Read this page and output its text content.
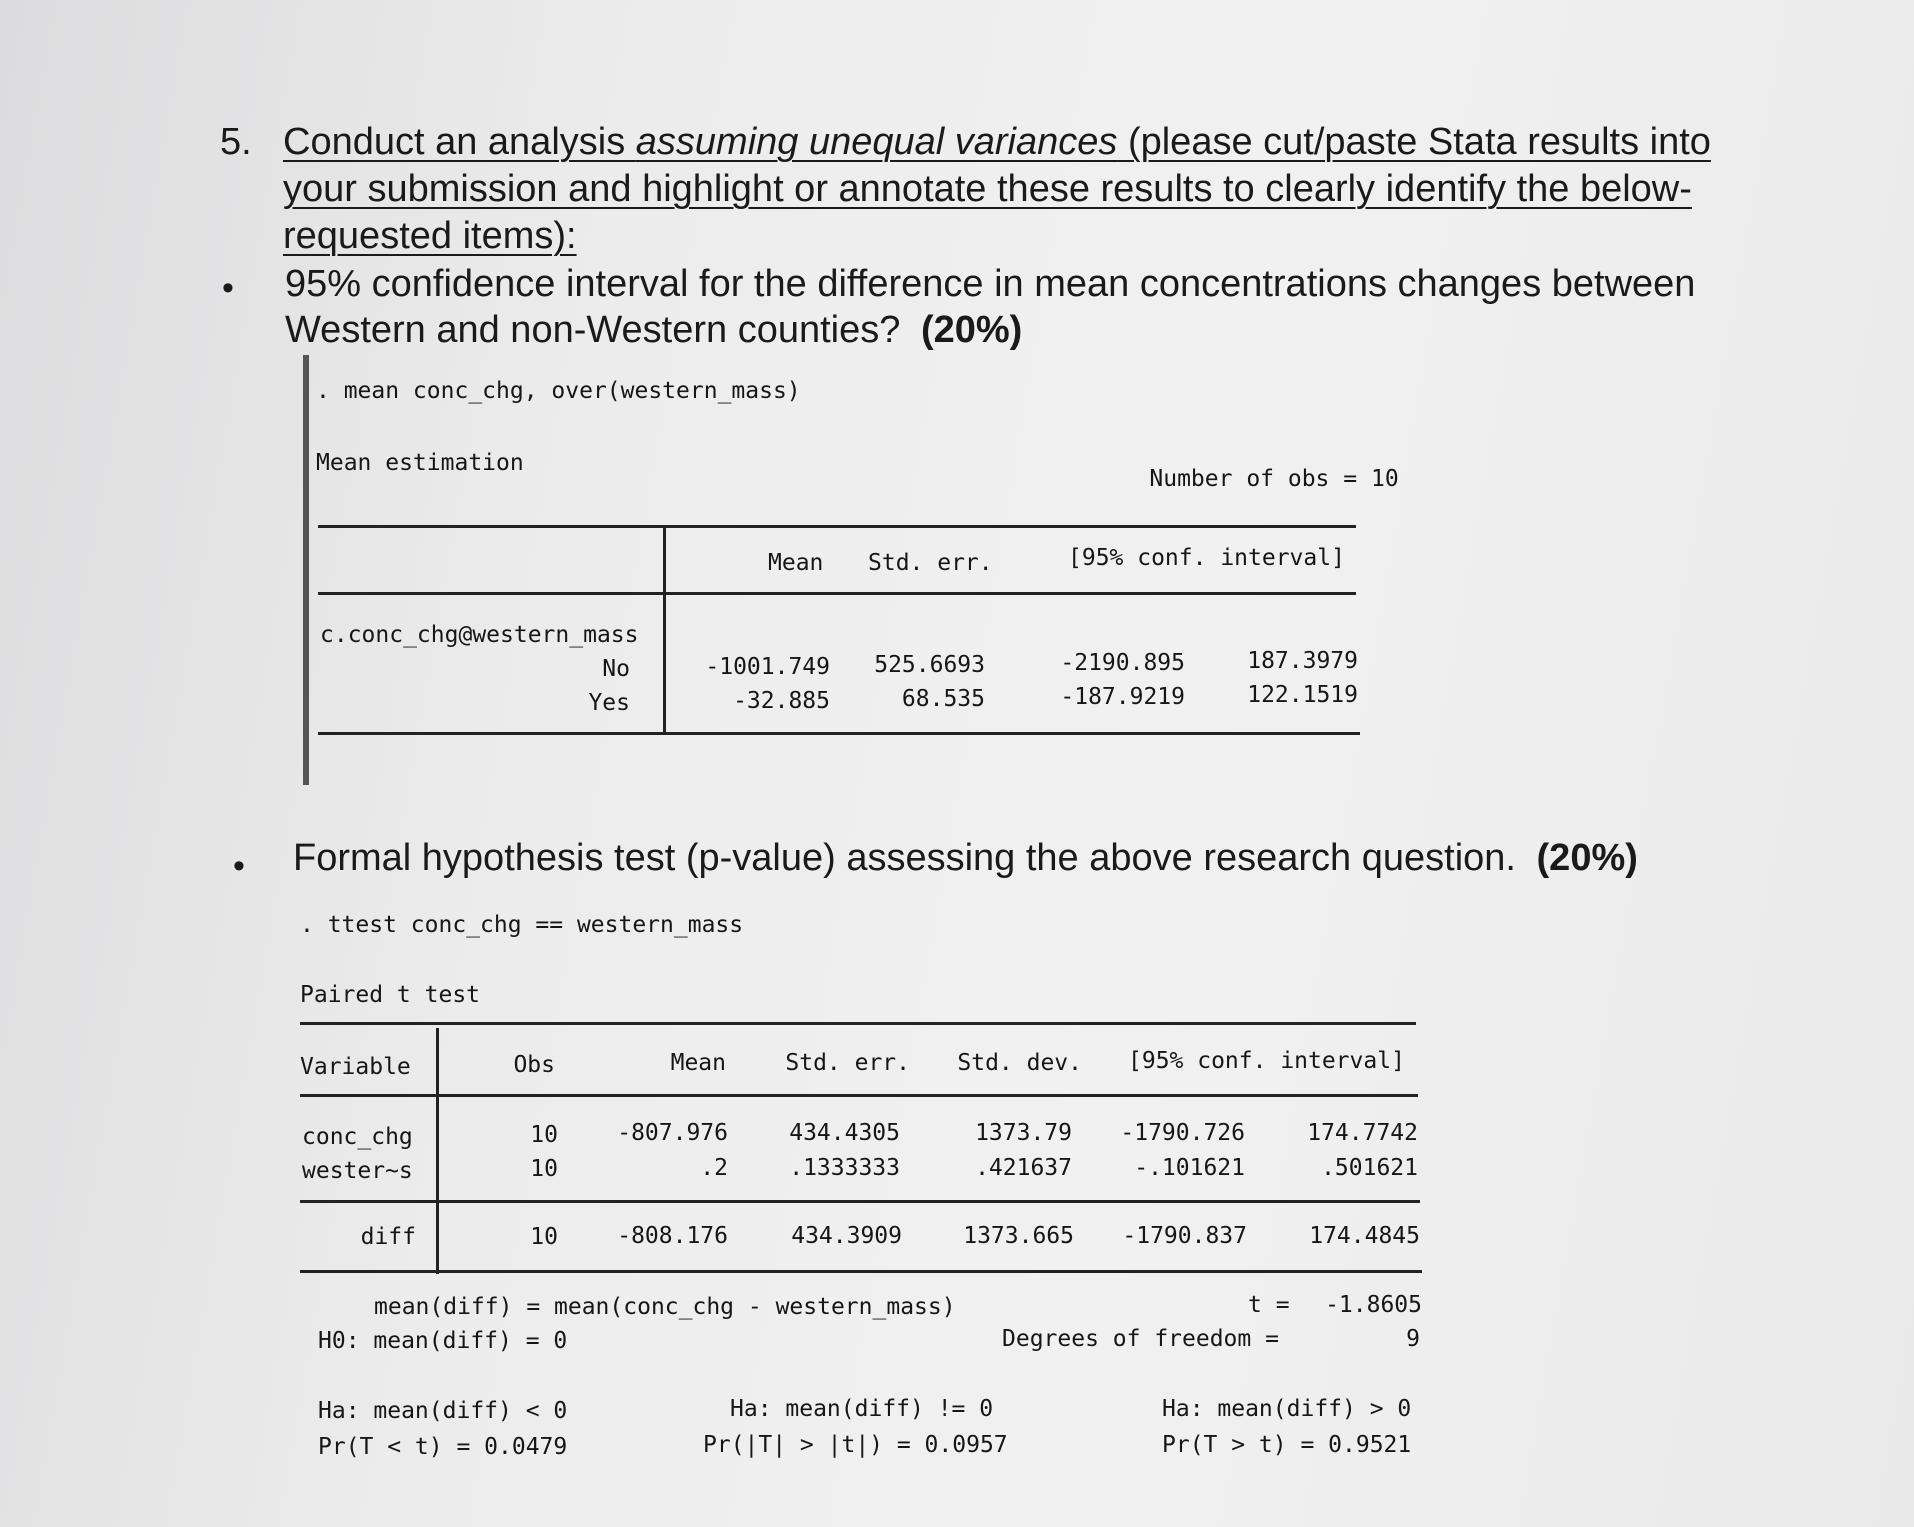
5. Conduct an analysis assuming unequal variances (please cut/paste Stata results into
your submission and highlight or annotate these results to clearly identify the below-
requested items):
• 95% confidence interval for the difference in mean concentrations changes between
Western and non-Western counties? (20%)
. mean conc_chg, over(western_mass)
Mean estimation

Number of obs = 10

Mean Std. err.	[95% conf. interval]
c.conc_chg@western_mass
No	-1001.749	525.6693	-2190.895	187.3979
Yes	-32.885	68.535	-187.9219	122.1519
• Formal hypothesis test (p-value) assessing the above research question. (20%)
. ttest conc_chg == western_mass
Paired t test
Variable	Obs	Mean	Std. err.	Std. dev. [95% conf. interval]
conc_chg	10	-807.976	434.4305	1373.79	-1790.726	174.7742
wester~s	10	.2	.1333333	.421637	-.101621	.501621
diff	10	-808.176	434.3909	1373.665	-1790.837	174.4845
mean(diff) = mean(conc_chg - western_mass)	t =	-1.8605
H0: mean(diff) = 0	Degrees of freedom =	9
Ha: mean(diff) < 0
Pr(T < t) = 0.0479
Ha: mean(diff) != 0
Pr(|T| > |t|) = 0.0957
Ha: mean(diff) > 0
Pr(T > t) = 0.9521
